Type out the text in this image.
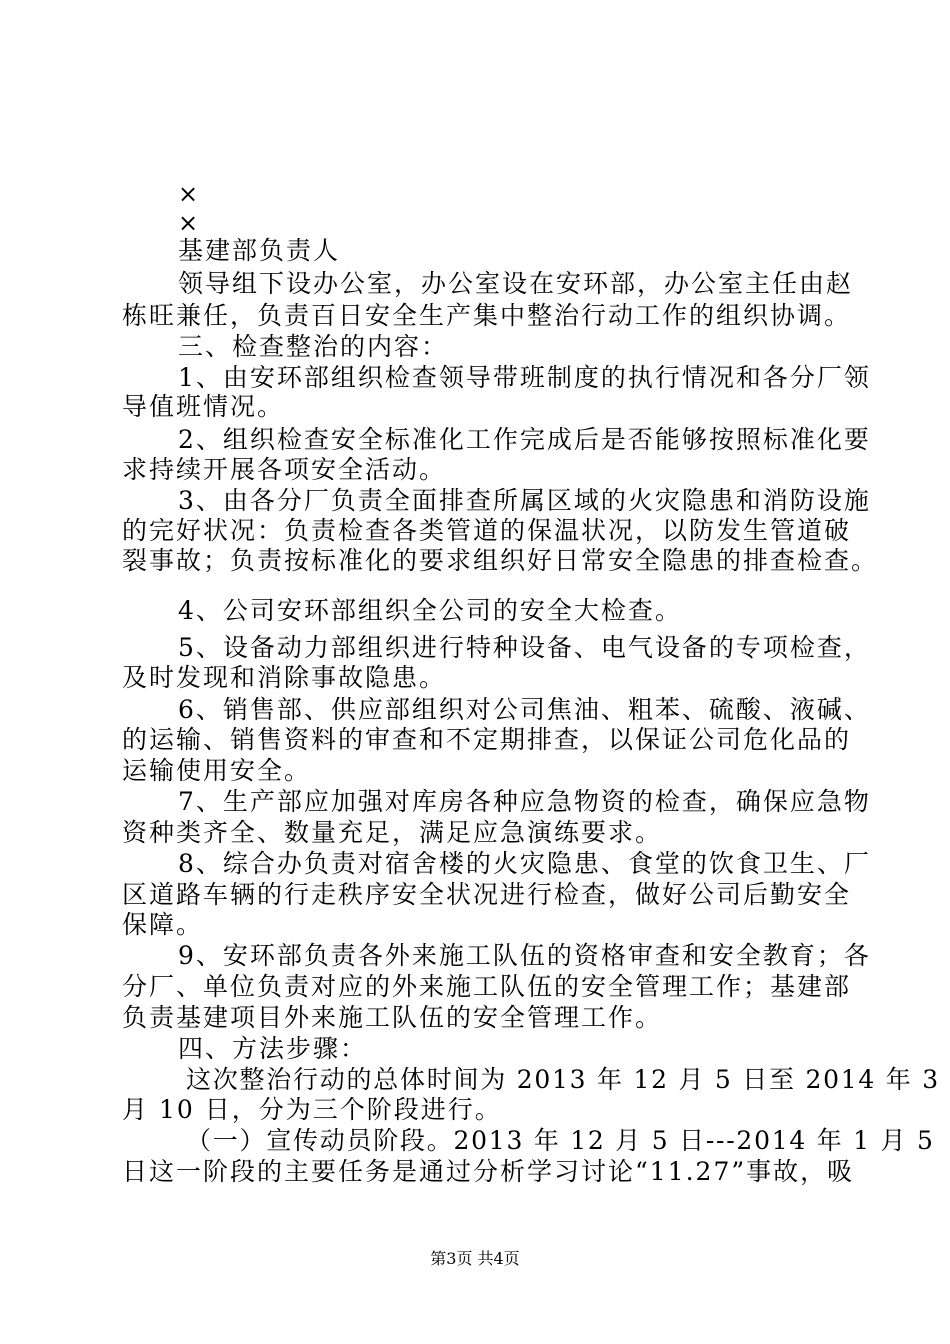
×
×
基建部负责人
领导组下设办公室，办公室设在安环部，办公室主任由赵
栋旺兼任，负责百日安全生产集中整治行动工作的组织协调。
三、检查整治的内容：
1、由安环部组织检查领导带班制度的执行情况和各分厂领
导值班情况。
2、组织检查安全标准化工作完成后是否能够按照标准化要
求持续开展各项安全活动。
3、由各分厂负责全面排查所属区域的火灾隐患和消防设施
的完好状况：负责检查各类管道的保温状况，以防发生管道破
裂事故；负责按标准化的要求组织好日常安全隐患的排查检查。
4、公司安环部组织全公司的安全大检查。
5、设备动力部组织进行特种设备、电气设备的专项检查，
及时发现和消除事故隐患。
6、销售部、供应部组织对公司焦油、粗苯、硫酸、液碱、
的运输、销售资料的审查和不定期排查，以保证公司危化品的
运输使用安全。
7、生产部应加强对库房各种应急物资的检查，确保应急物
资种类齐全、数量充足，满足应急演练要求。
8、综合办负责对宿舍楼的火灾隐患、食堂的饮食卫生、厂
区道路车辆的行走秩序安全状况进行检查，做好公司后勤安全
保障。
9、安环部负责各外来施工队伍的资格审查和安全教育；各
分厂、单位负责对应的外来施工队伍的安全管理工作；基建部
负责基建项目外来施工队伍的安全管理工作。
四、方法步骤：
这次整治行动的总体时间为 2013 年 12 月 5 日至 2014 年 3
月 10 日，分为三个阶段进行。
（一）宣传动员阶段。2013 年 12 月 5 日---2014 年 1 月 5
日这一阶段的主要任务是通过分析学习讨论“11.27”事故，吸
第3页 共4页
